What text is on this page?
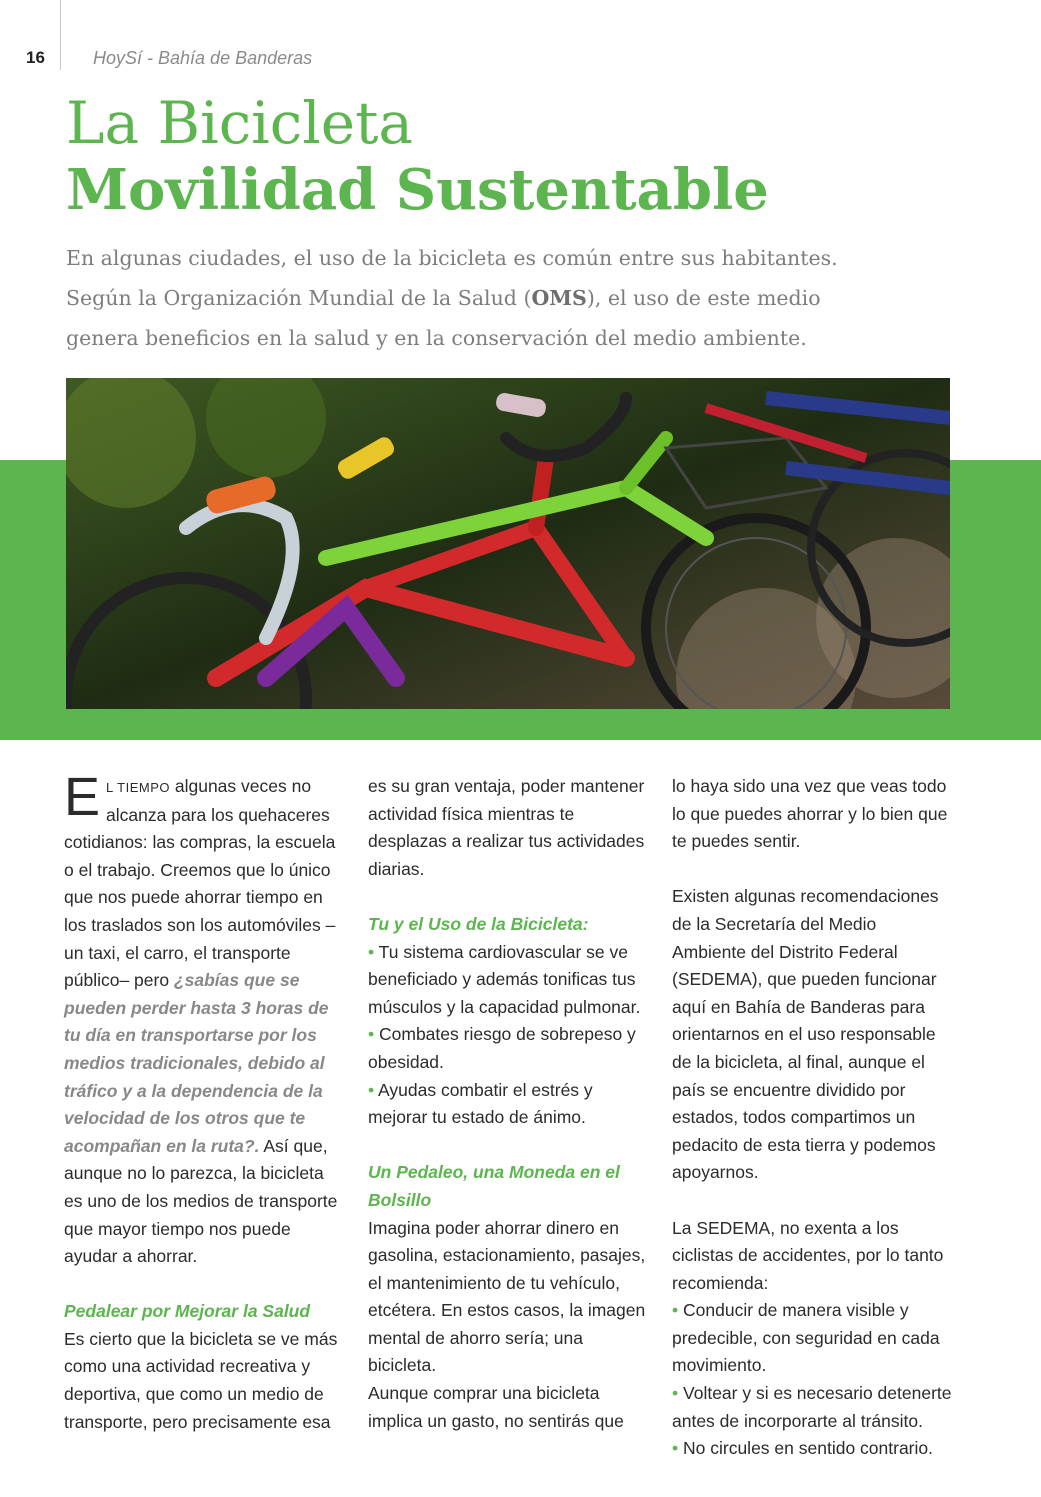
16	HoySí - Bahía de Banderas
La Bicicleta
Movilidad Sustentable

En algunas ciudades, el uso de la bicicleta es común entre sus habitantes.

Según la Organización Mundial de la Salud (OMS), el uso de este medio

genera beneficios en la salud y en la conservación del medio ambiente.

E L TIEMPO algunas veces no alcanza para los quehaceres cotidianos: las compras, la escuela o el trabajo. Creemos que lo único que nos puede ahorrar tiempo en los traslados son los automóviles –un taxi, el carro, el transporte público– pero ¿sabías que se pueden perder hasta 3 horas de tu día en transportarse por los medios tradicionales, debido al tráfico y a la dependencia de la velocidad de los otros que te acompañan en la ruta?. Así que, aunque no lo parezca, la bicicleta es uno de los medios de transporte que mayor tiempo nos puede ayudar a ahorrar.

Pedalear por Mejorar la Salud

Es cierto que la bicicleta se ve más como una actividad recreativa y deportiva, que como un medio de transporte, pero precisamente esa

es su gran ventaja, poder mantener actividad física mientras te desplazas a realizar tus actividades diarias.

Tu y el Uso de la Bicicleta:

• Tu sistema cardiovascular se ve beneficiado y además tonificas tus músculos y la capacidad pulmonar.

• Combates riesgo de sobrepeso y obesidad.

• Ayudas combatir el estrés y mejorar tu estado de ánimo.

Un Pedaleo, una Moneda en el Bolsillo

Imagina poder ahorrar dinero en gasolina, estacionamiento, pasajes, el mantenimiento de tu vehículo, etcétera. En estos casos, la imagen mental de ahorro sería; una bicicleta.

Aunque comprar una bicicleta implica un gasto, no sentirás que

lo haya sido una vez que veas todo lo que puedes ahorrar y lo bien que te puedes sentir.

Existen algunas recomendaciones de la Secretaría del Medio Ambiente del Distrito Federal (SEDEMA), que pueden funcionar aquí en Bahía de Banderas para orientarnos en el uso responsable de la bicicleta, al final, aunque el país se encuentre dividido por estados, todos compartimos un pedacito de esta tierra y podemos apoyarnos.

La SEDEMA, no exenta a los ciclistas de accidentes, por lo tanto recomienda:

• Conducir de manera visible y predecible, con seguridad en cada movimiento.

• Voltear y si es necesario detenerte antes de incorporarte al tránsito.

• No circules en sentido contrario.
